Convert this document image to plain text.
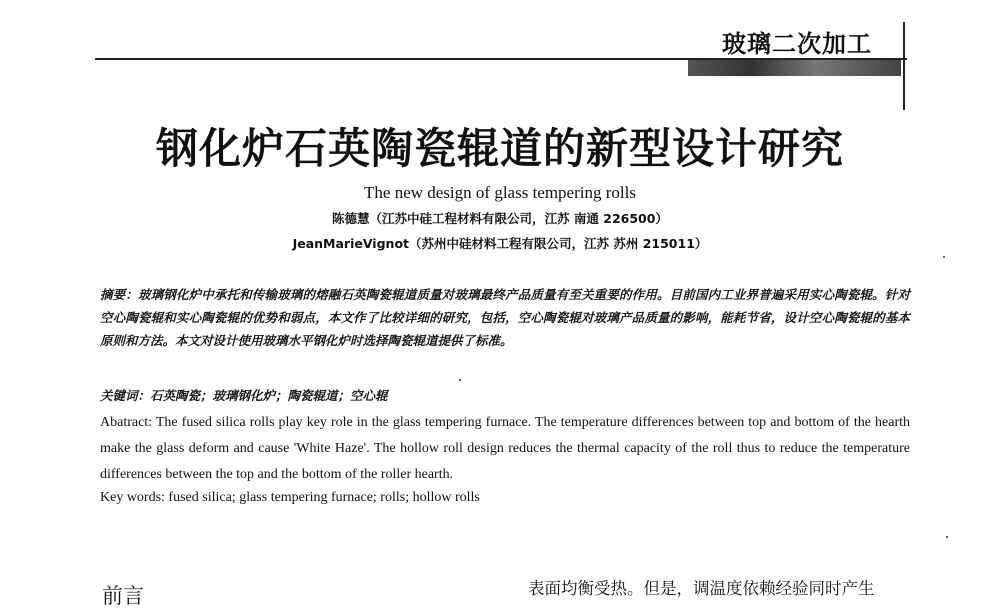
玻璃二次加工
钢化炉石英陶瓷辊道的新型设计研究
The new design of glass tempering rolls
陈德慧（江苏中硅工程材料有限公司，江苏 南通 226500）
JeanMarieVignot（苏州中硅材料工程有限公司，江苏 苏州 215011）
摘要：玻璃钢化炉中承托和传输玻璃的熔融石英陶瓷辊道质量对玻璃最终产品质量有至关重要的作用。目前国内工业界普遍采用实心陶瓷辊。针对空心陶瓷辊和实心陶瓷辊的优势和弱点，本文作了比较详细的研究，包括，空心陶瓷辊对玻璃产品质量的影响，能耗节省，设计空心陶瓷辊的基本原则和方法。本文对设计使用玻璃水平钢化炉时选择陶瓷辊道提供了标准。
关键词：石英陶瓷；玻璃钢化炉；陶瓷辊道；空心辊
Abatract: The fused silica rolls play key role in the glass tempering furnace. The temperature differences between top and bottom of the hearth make the glass deform and cause 'White Haze'. The hollow roll design reduces the thermal capacity of the roll thus to reduce the temperature differences between the top and the bottom of the roller hearth.
Key words: fused silica; glass tempering furnace; rolls; hollow rolls
前言	表面均衡受热。但是，调温度依赖经验同时产生
